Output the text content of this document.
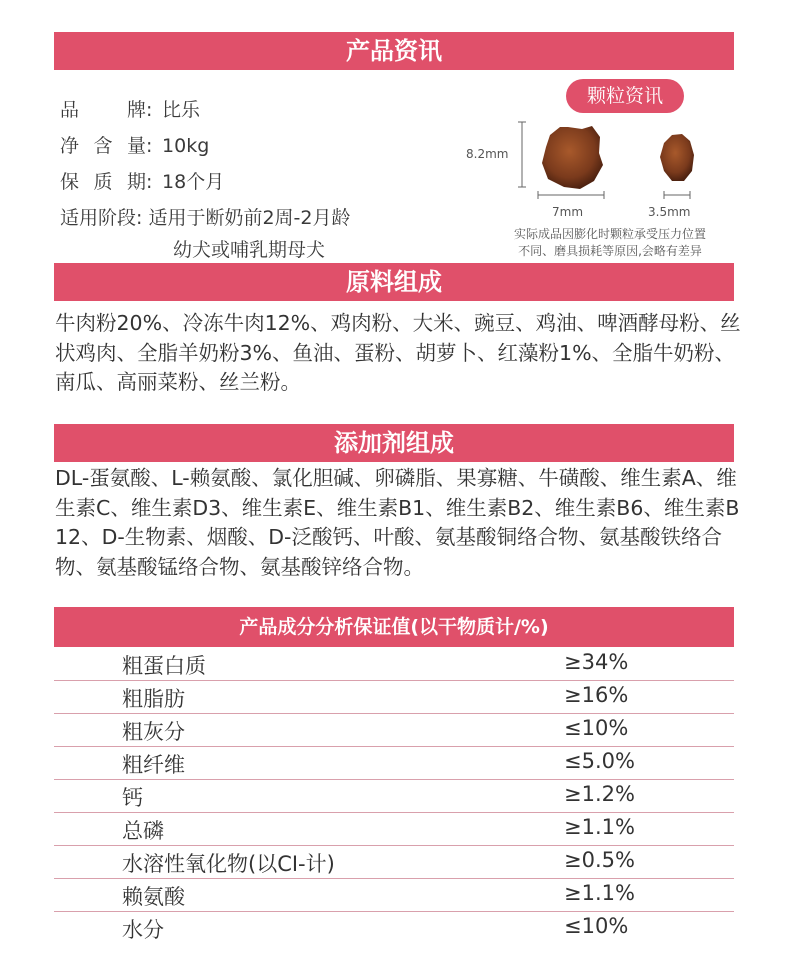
产品资讯
品牌: 比乐
净含量: 10kg
保质期: 18个月
适用阶段: 适用于断奶前2周-2月龄
幼犬或哺乳期母犬
颗粒资讯
8.2mm
7mm	3.5mm
实际成品因膨化时颗粒承受压力位置
不同、磨具损耗等原因,会略有差异
原料组成
牛肉粉20%、冷冻牛肉12%、鸡肉粉、大米、豌豆、鸡油、啤酒酵母粉、丝状鸡肉、全脂羊奶粉3%、鱼油、蛋粉、胡萝卜、红藻粉1%、全脂牛奶粉、南瓜、高丽菜粉、丝兰粉。
添加剂组成
DL-蛋氨酸、L-赖氨酸、氯化胆碱、卵磷脂、果寡糖、牛磺酸、维生素A、维生素C、维生素D3、维生素E、维生素B1、维生素B2、维生素B6、维生素B12、D-生物素、烟酸、D-泛酸钙、叶酸、氨基酸铜络合物、氨基酸铁络合物、氨基酸锰络合物、氨基酸锌络合物。
产品成分分析保证值(以干物质计/%)
粗蛋白质	≥34%
粗脂肪	≥16%
粗灰分	≤10%
粗纤维	≤5.0%
钙	≥1.2%
总磷	≥1.1%
水溶性氧化物(以CI-计)	≥0.5%
赖氨酸	≥1.1%
水分	≤10%
